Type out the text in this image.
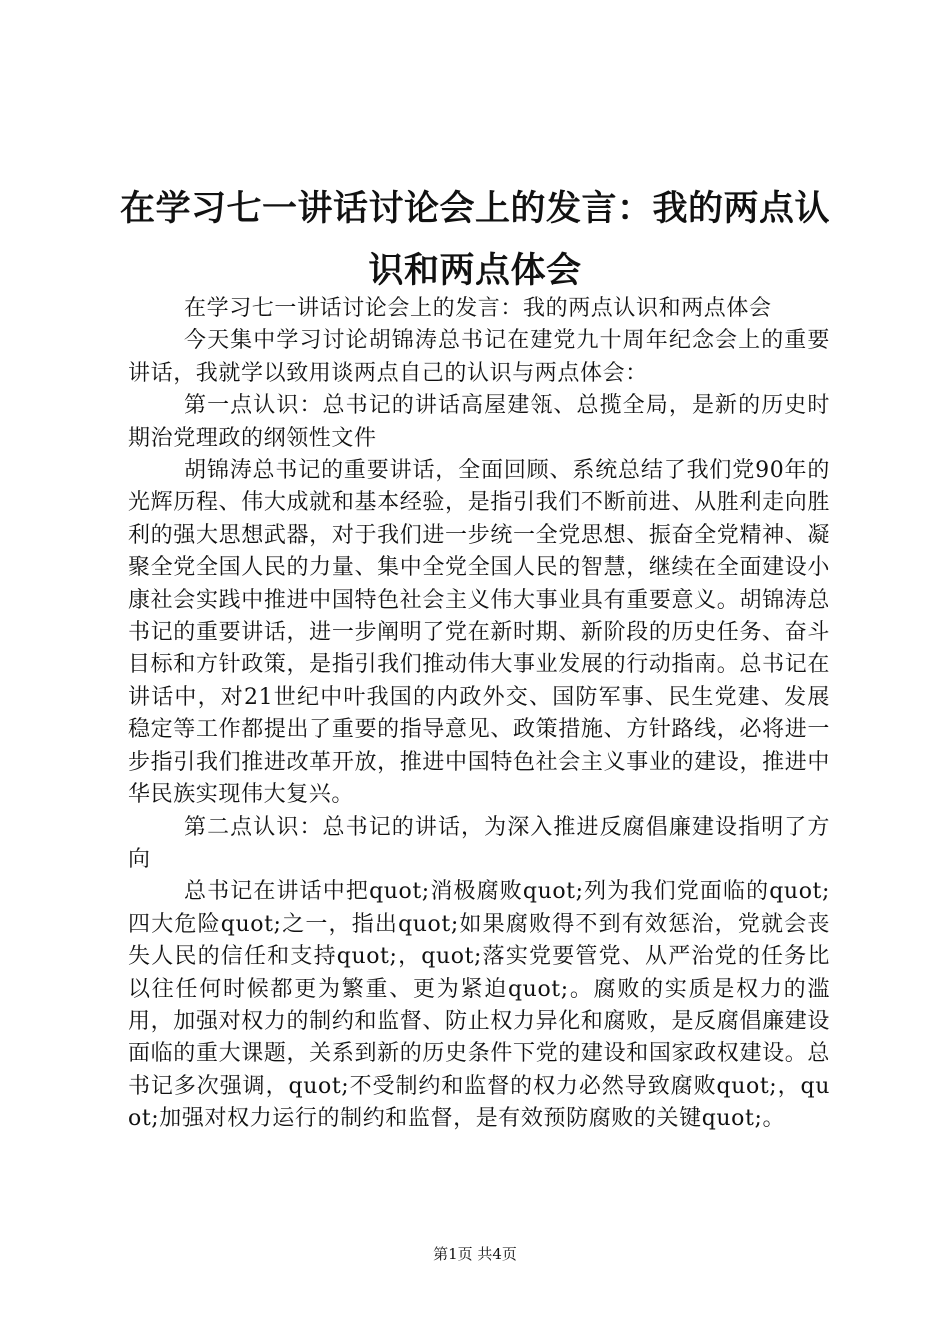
在学习七一讲话讨论会上的发言：我的两点认识和两点体会

在学习七一讲话讨论会上的发言：我的两点认识和两点体会

今天集中学习讨论胡锦涛总书记在建党九十周年纪念会上的重要讲话，我就学以致用谈两点自己的认识与两点体会：

第一点认识：总书记的讲话高屋建瓴、总揽全局，是新的历史时期治党理政的纲领性文件

胡锦涛总书记的重要讲话，全面回顾、系统总结了我们党90年的光辉历程、伟大成就和基本经验，是指引我们不断前进、从胜利走向胜利的强大思想武器，对于我们进一步统一全党思想、振奋全党精神、凝聚全党全国人民的力量、集中全党全国人民的智慧，继续在全面建设小康社会实践中推进中国特色社会主义伟大事业具有重要意义。胡锦涛总书记的重要讲话，进一步阐明了党在新时期、新阶段的历史任务、奋斗目标和方针政策，是指引我们推动伟大事业发展的行动指南。总书记在讲话中，对21世纪中叶我国的内政外交、国防军事、民生党建、发展稳定等工作都提出了重要的指导意见、政策措施、方针路线，必将进一步指引我们推进改革开放，推进中国特色社会主义事业的建设，推进中华民族实现伟大复兴。

第二点认识：总书记的讲话，为深入推进反腐倡廉建设指明了方向

总书记在讲话中把quot;消极腐败quot;列为我们党面临的quot;四大危险quot;之一，指出quot;如果腐败得不到有效惩治，党就会丧失人民的信任和支持quot;，quot;落实党要管党、从严治党的任务比以往任何时候都更为繁重、更为紧迫quot;。腐败的实质是权力的滥用，加强对权力的制约和监督、防止权力异化和腐败，是反腐倡廉建设面临的重大课题，关系到新的历史条件下党的建设和国家政权建设。总书记多次强调，quot;不受制约和监督的权力必然导致腐败quot;，quot;加强对权力运行的制约和监督，是有效预防腐败的关键quot;。

第1页 共4页
